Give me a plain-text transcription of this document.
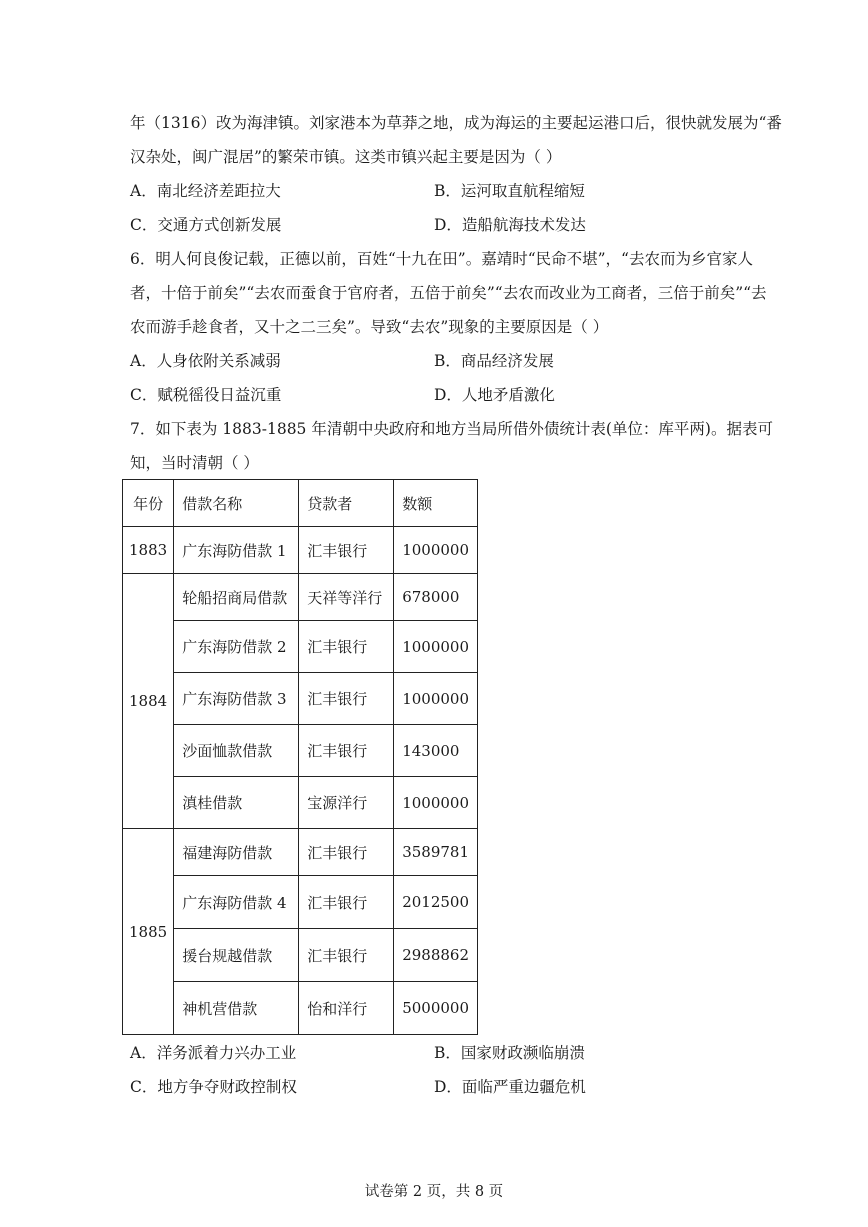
年（1316）改为海津镇。刘家港本为草莽之地，成为海运的主要起运港口后，很快就发展为“番
汉杂处，闽广混居”的繁荣市镇。这类市镇兴起主要是因为（ ）
A．南北经济差距拉大	B．运河取直航程缩短
C．交通方式创新发展	D．造船航海技术发达
6．明人何良俊记载，正德以前，百姓“十九在田”。嘉靖时“民命不堪”，“去农而为乡官家人
者，十倍于前矣”“去农而蚕食于官府者，五倍于前矣”“去农而改业为工商者，三倍于前矣”“去
农而游手趁食者，又十之二三矣”。导致“去农”现象的主要原因是（ ）
A．人身依附关系减弱	B．商品经济发展
C．赋税徭役日益沉重	D．人地矛盾激化
7．如下表为 1883-1885 年清朝中央政府和地方当局所借外债统计表(单位：库平两)。据表可
知，当时清朝（ ）
年份	借款名称	贷款者	数额
1883	广东海防借款 1	汇丰银行	1000000
1884	轮船招商局借款	天祥等洋行	678000
	广东海防借款 2	汇丰银行	1000000
	广东海防借款 3	汇丰银行	1000000
	沙面恤款借款	汇丰银行	143000
	滇桂借款	宝源洋行	1000000
1885	福建海防借款	汇丰银行	3589781
	广东海防借款 4	汇丰银行	2012500
	援台规越借款	汇丰银行	2988862
	神机营借款	怡和洋行	5000000
A．洋务派着力兴办工业	B．国家财政濒临崩溃
C．地方争夺财政控制权	D．面临严重边疆危机
试卷第 2 页，共 8 页
